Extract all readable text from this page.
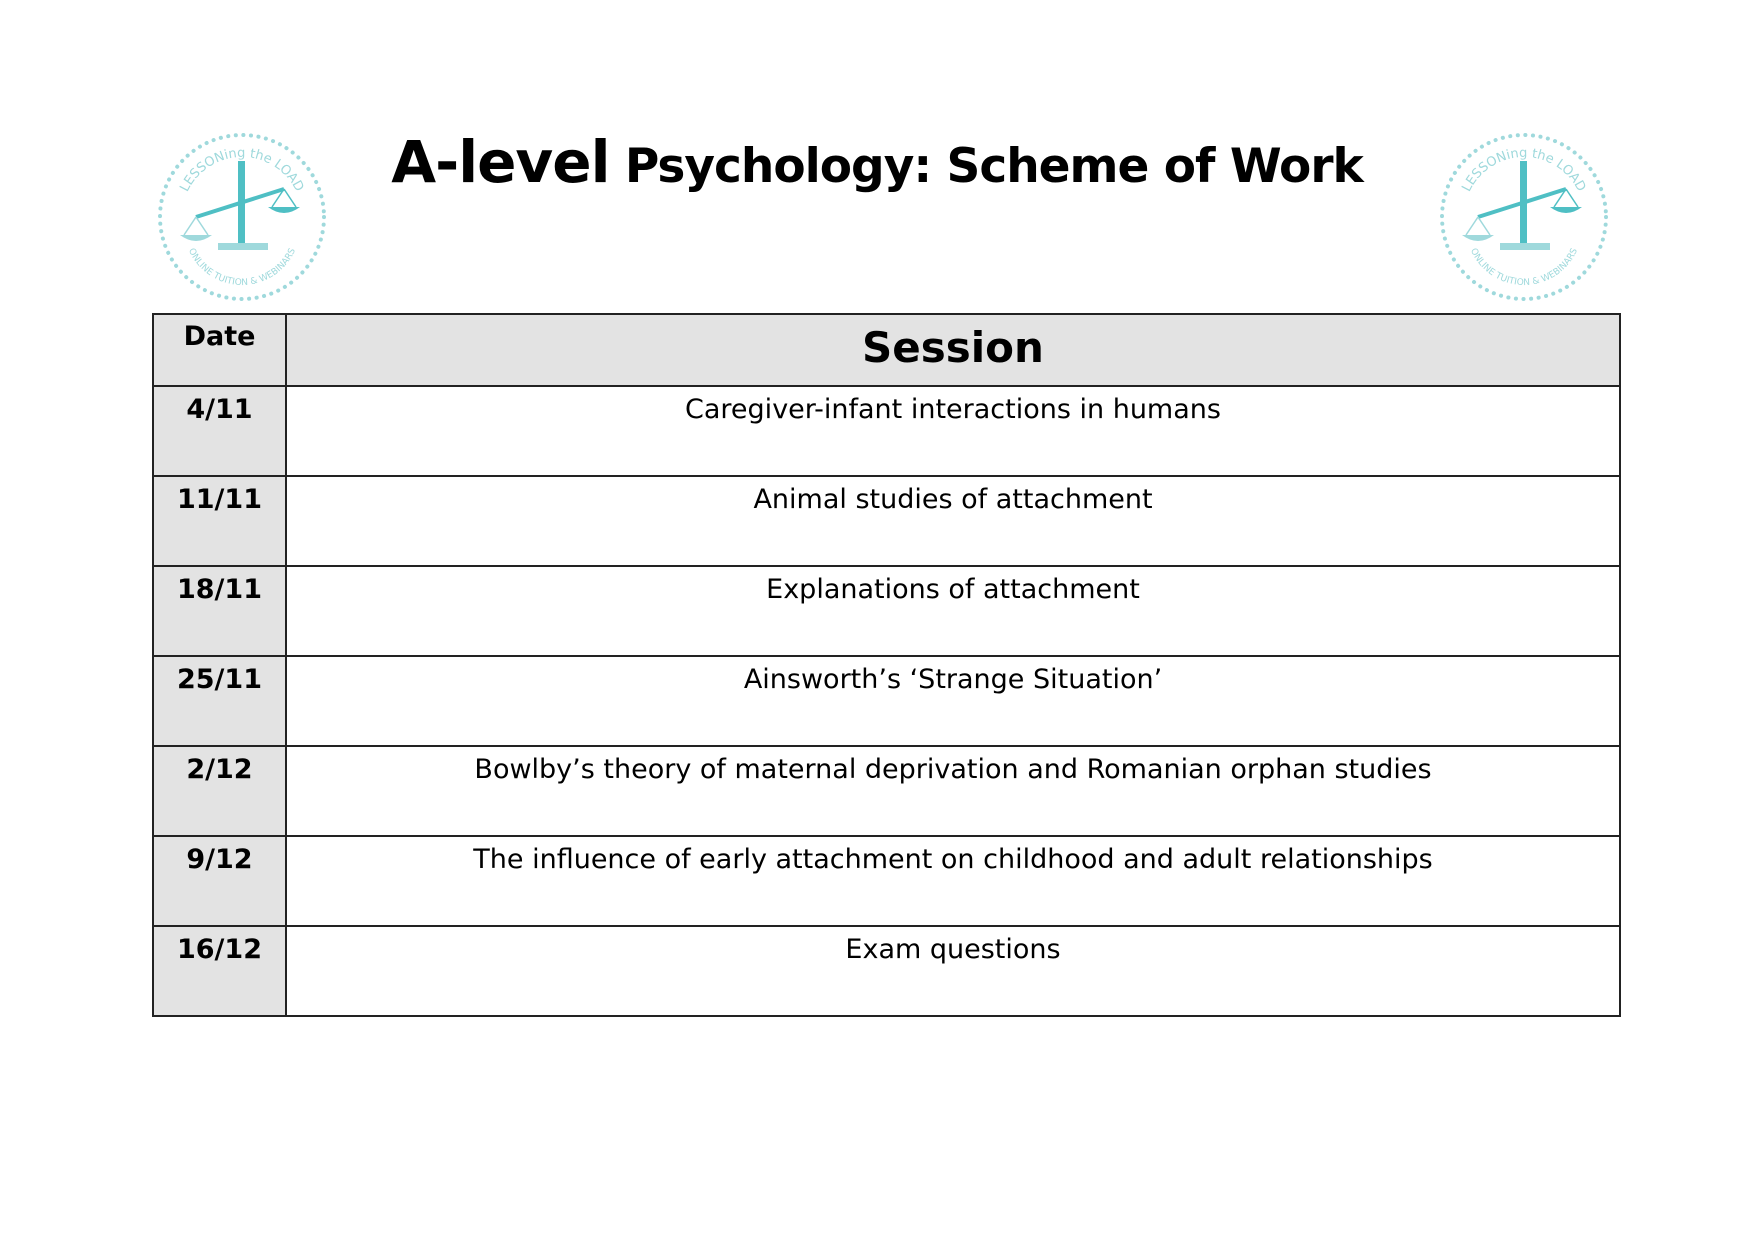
LESSONing the LOAD
ONLINE TUITION & WEBINARS
A-level Psychology: Scheme of Work	LESSONing the LOAD
ONLINE TUITION & WEBINARS
Date	Session
4/11	Caregiver-infant interactions in humans
11/11	Animal studies of attachment
18/11	Explanations of attachment
25/11	Ainsworth’s ‘Strange Situation’
2/12	Bowlby’s theory of maternal deprivation and Romanian orphan studies
9/12	The influence of early attachment on childhood and adult relationships
16/12	Exam questions
